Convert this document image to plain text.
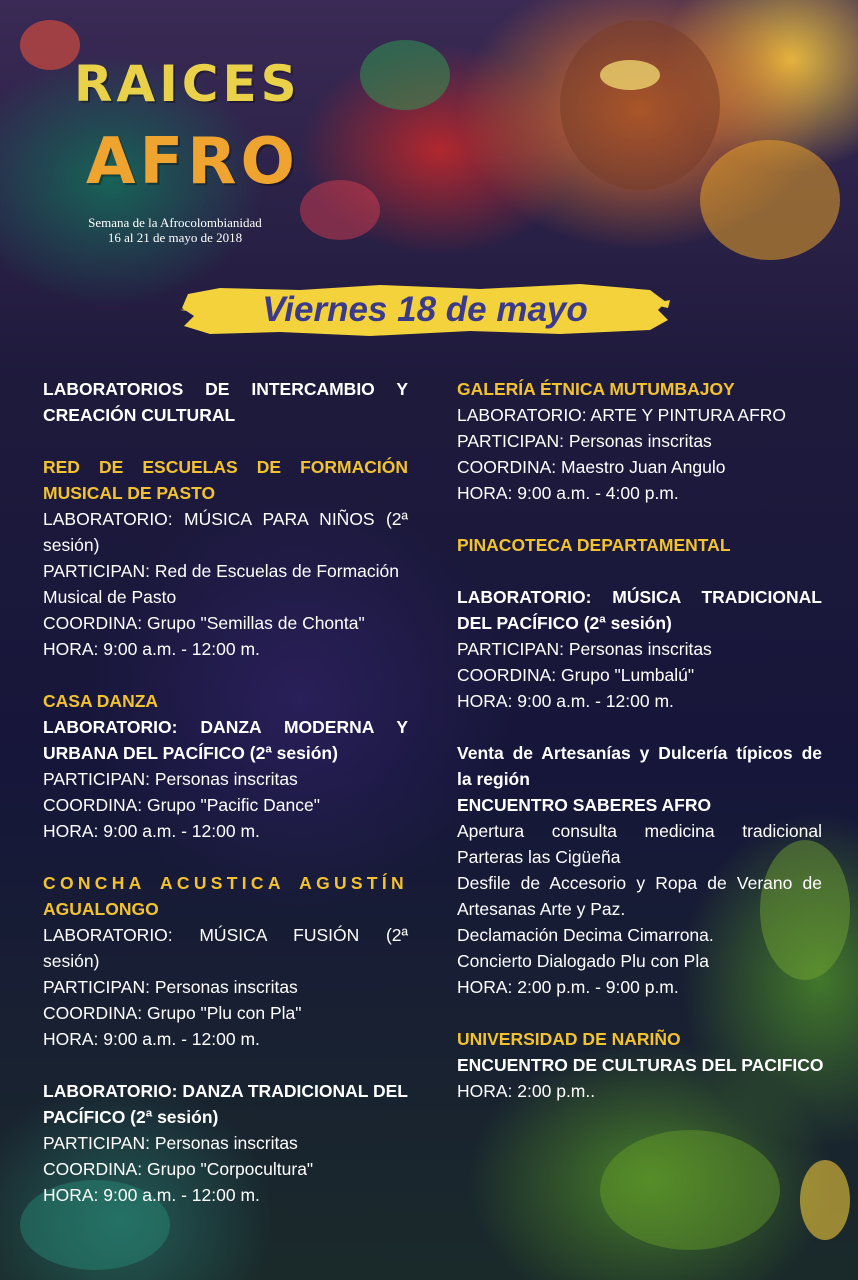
RAICES
AFRO
Semana de la Afrocolombianidad
16 al 21 de mayo de 2018
Viernes 18 de mayo
LABORATORIOS DE INTERCAMBIO Y
CREACIÓN CULTURAL
RED DE ESCUELAS DE FORMACIÓN
MUSICAL DE PASTO
LABORATORIO: MÚSICA PARA NIÑOS (2ª
sesión)
PARTICIPAN: Red de Escuelas de Formación
Musical de Pasto
COORDINA: Grupo "Semillas de Chonta"
HORA: 9:00 a.m. - 12:00 m.
CASA DANZA
LABORATORIO: DANZA MODERNA Y
URBANA DEL PACÍFICO (2ª sesión)
PARTICIPAN: Personas inscritas
COORDINA: Grupo "Pacific Dance"
HORA: 9:00 a.m. - 12:00 m.
CONCHA ACUSTICA AGUSTÍN
AGUALONGO
LABORATORIO: MÚSICA FUSIÓN (2ª
sesión)
PARTICIPAN: Personas inscritas
COORDINA: Grupo "Plu con Pla"
HORA: 9:00 a.m. - 12:00 m.
LABORATORIO: DANZA TRADICIONAL DEL
PACÍFICO (2ª sesión)
PARTICIPAN: Personas inscritas
COORDINA: Grupo "Corpocultura"
HORA: 9:00 a.m. - 12:00 m.
GALERÍA ÉTNICA MUTUMBAJOY
LABORATORIO: ARTE Y PINTURA AFRO
PARTICIPAN: Personas inscritas
COORDINA: Maestro Juan Angulo
HORA: 9:00 a.m. - 4:00 p.m.
PINACOTECA DEPARTAMENTAL
LABORATORIO: MÚSICA TRADICIONAL
DEL PACÍFICO (2ª sesión)
PARTICIPAN: Personas inscritas
COORDINA: Grupo "Lumbalú"
HORA: 9:00 a.m. - 12:00 m.
Venta de Artesanías y Dulcería típicos de
la región
ENCUENTRO SABERES AFRO
Apertura consulta medicina tradicional
Parteras las Cigüeña
Desfile de Accesorio y Ropa de Verano de
Artesanas Arte y Paz.
Declamación Decima Cimarrona.
Concierto Dialogado Plu con Pla
HORA: 2:00 p.m. - 9:00 p.m.
UNIVERSIDAD DE NARIÑO
ENCUENTRO DE CULTURAS DEL PACIFICO
HORA: 2:00 p.m..
